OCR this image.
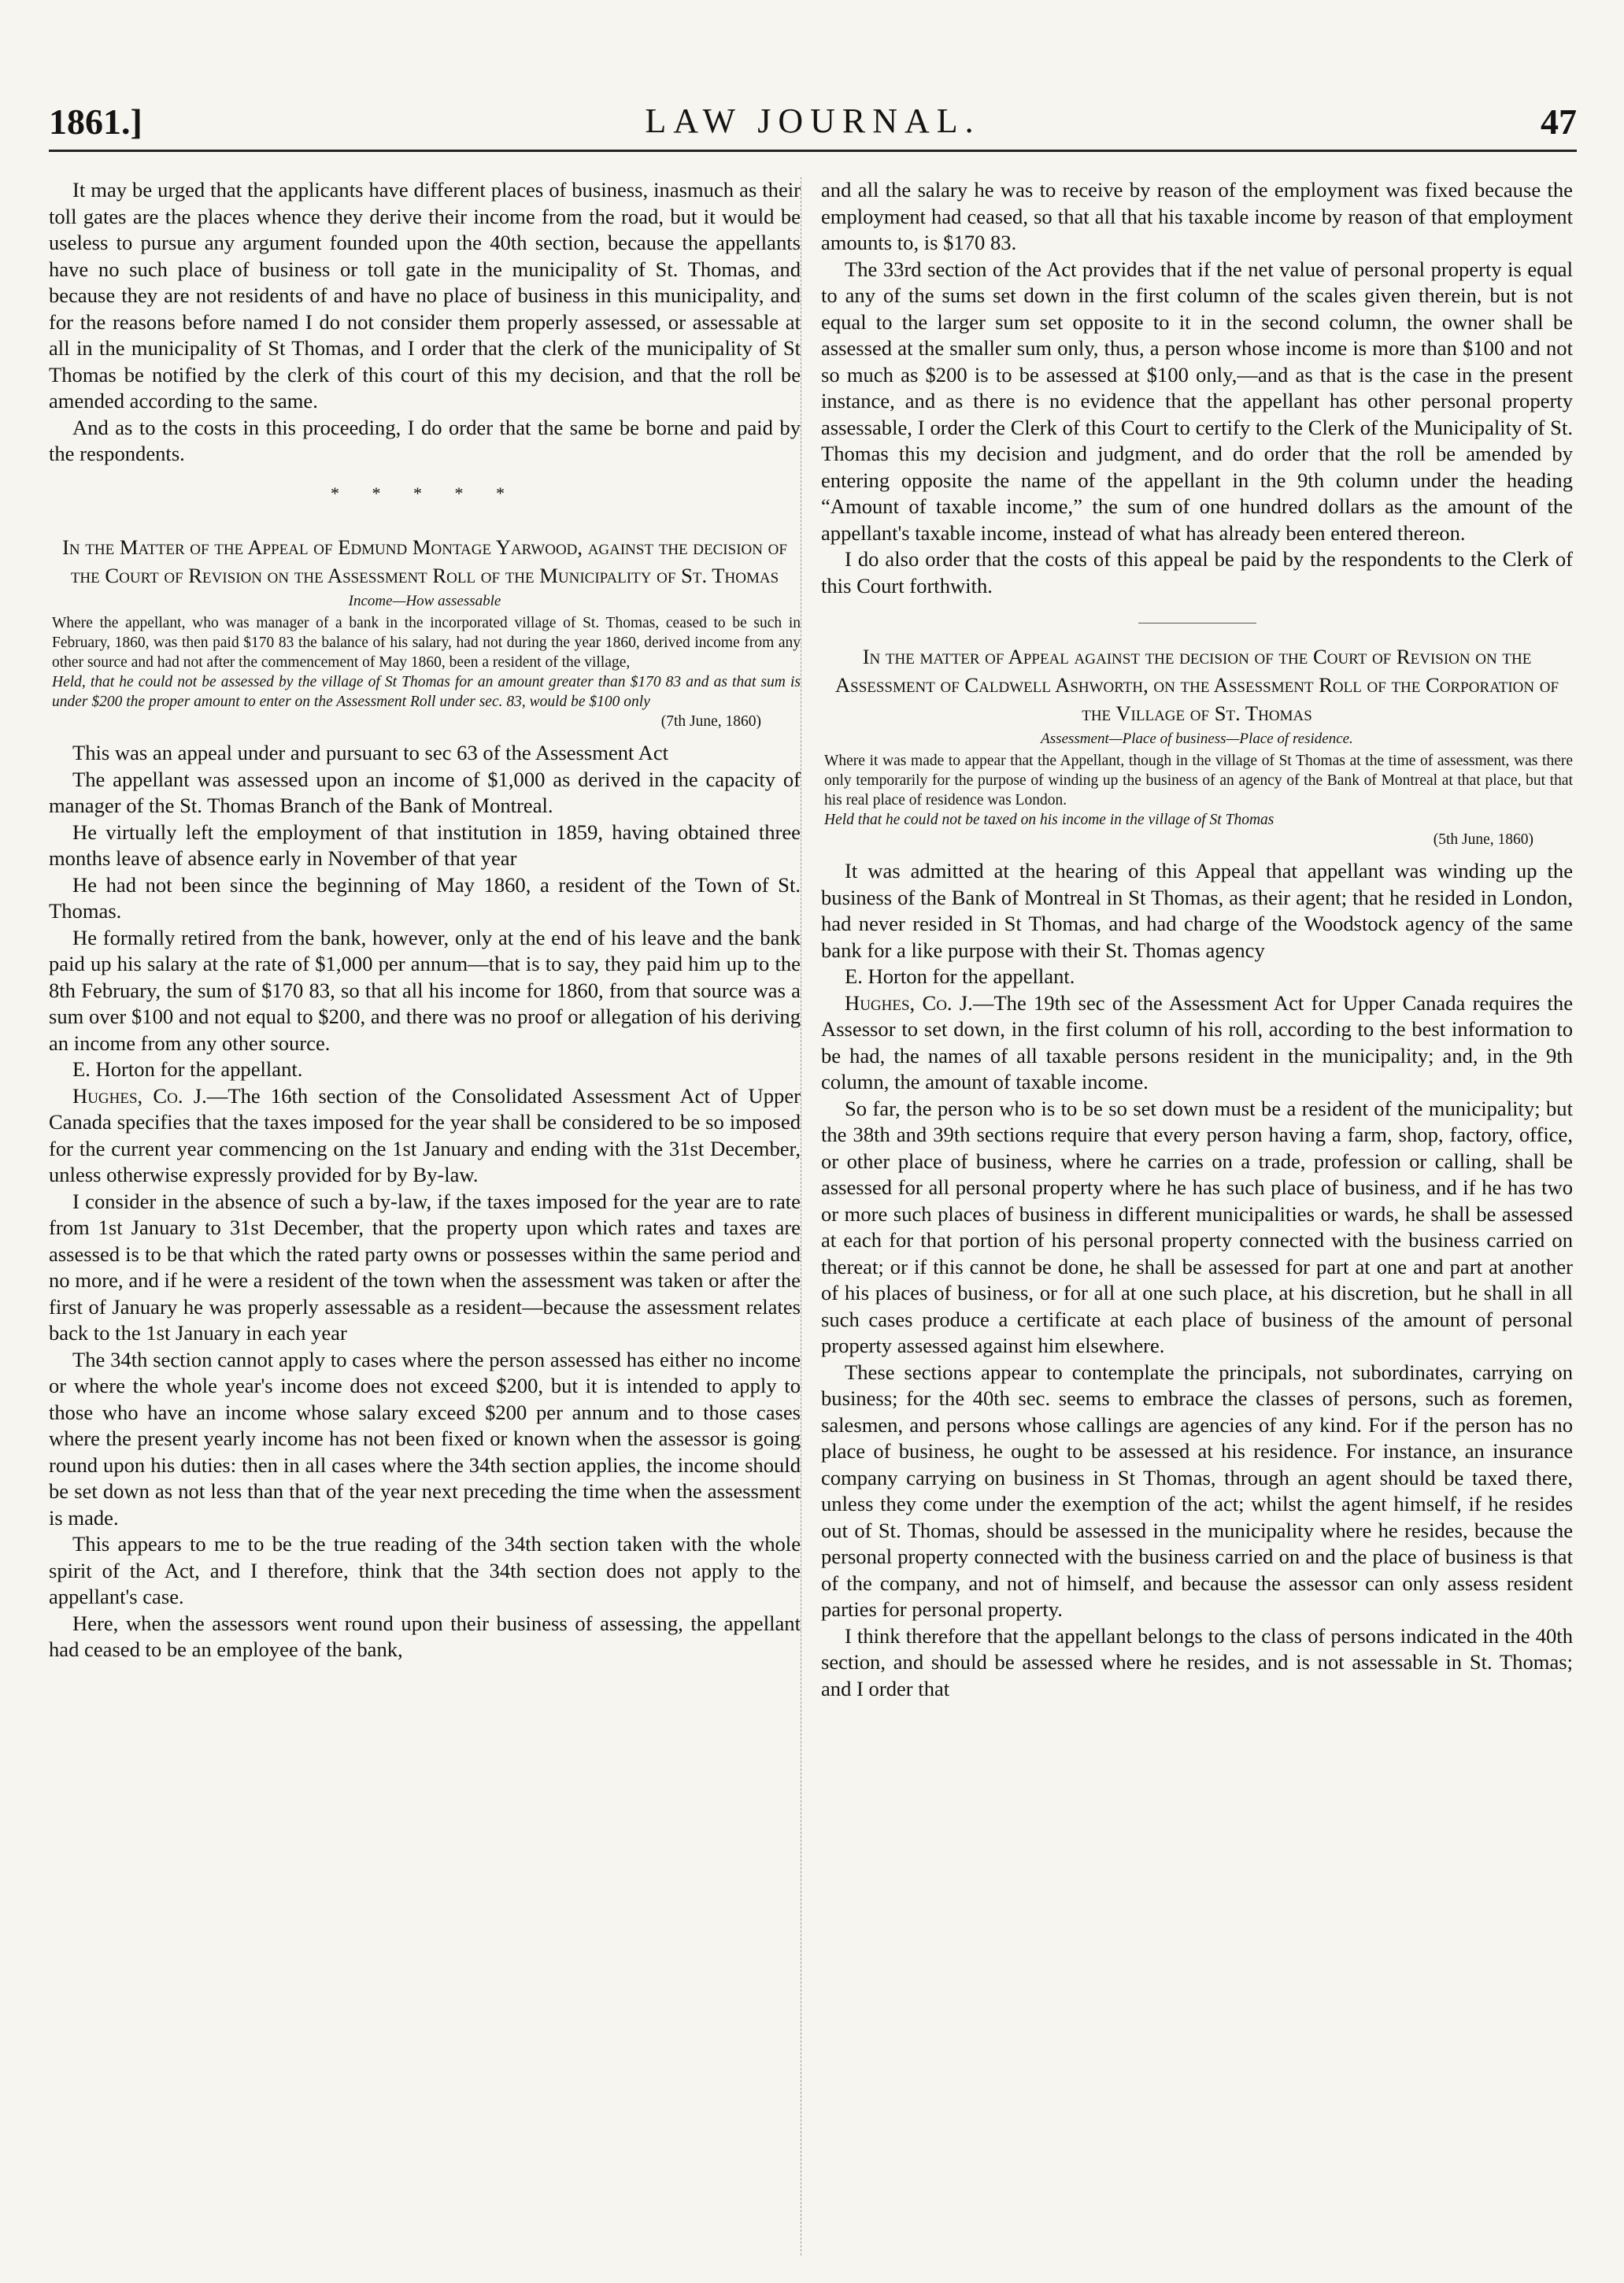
1861.]	LAW JOURNAL.	47

It may be urged that the applicants have different places of business, inasmuch as their toll gates are the places whence they derive their income from the road, but it would be useless to pursue any argument founded upon the 40th section, because the appellants have no such place of business or toll gate in the municipality of St. Thomas, and because they are not residents of and have no place of business in this municipality, and for the reasons before named I do not consider them properly assessed, or assessable at all in the municipality of St Thomas, and I order that the clerk of the municipality of St Thomas be notified by the clerk of this court of this my decision, and that the roll be amended according to the same.

And as to the costs in this proceeding, I do order that the same be borne and paid by the respondents.

* * * * *

In the Matter of the Appeal of Edmund Montage Yarwood, against the decision of the Court of Revision on the Assessment Roll of the Municipality of St. Thomas

Income—How assessable

Where the appellant, who was manager of a bank in the incorporated village of St. Thomas, ceased to be such in February, 1860, was then paid $170 83 the balance of his salary, had not during the year 1860, derived income from any other source and had not after the commencement of May 1860, been a resident of the village,

Held, that he could not be assessed by the village of St Thomas for an amount greater than $170 83 and as that sum is under $200 the proper amount to enter on the Assessment Roll under sec. 83, would be $100 only

(7th June, 1860)

This was an appeal under and pursuant to sec 63 of the Assessment Act

The appellant was assessed upon an income of $1,000 as derived in the capacity of manager of the St. Thomas Branch of the Bank of Montreal.

He virtually left the employment of that institution in 1859, having obtained three months leave of absence early in November of that year

He had not been since the beginning of May 1860, a resident of the Town of St. Thomas.

He formally retired from the bank, however, only at the end of his leave and the bank paid up his salary at the rate of $1,000 per annum—that is to say, they paid him up to the 8th February, the sum of $170 83, so that all his income for 1860, from that source was a sum over $100 and not equal to $200, and there was no proof or allegation of his deriving an income from any other source.

E. Horton for the appellant.

Hughes, Co. J.—The 16th section of the Consolidated Assessment Act of Upper Canada specifies that the taxes imposed for the year shall be considered to be so imposed for the current year commencing on the 1st January and ending with the 31st December, unless otherwise expressly provided for by By-law.

I consider in the absence of such a by-law, if the taxes imposed for the year are to rate from 1st January to 31st December, that the property upon which rates and taxes are assessed is to be that which the rated party owns or possesses within the same period and no more, and if he were a resident of the town when the assessment was taken or after the first of January he was properly assessable as a resident—because the assessment relates back to the 1st January in each year

The 34th section cannot apply to cases where the person assessed has either no income or where the whole year's income does not exceed $200, but it is intended to apply to those who have an income whose salary exceed $200 per annum and to those cases where the present yearly income has not been fixed or known when the assessor is going round upon his duties: then in all cases where the 34th section applies, the income should be set down as not less than that of the year next preceding the time when the assessment is made.

This appears to me to be the true reading of the 34th section taken with the whole spirit of the Act, and I therefore, think that the 34th section does not apply to the appellant's case.

Here, when the assessors went round upon their business of assessing, the appellant had ceased to be an employee of the bank,

and all the salary he was to receive by reason of the employment was fixed because the employment had ceased, so that all that his taxable income by reason of that employment amounts to, is $170 83.

The 33rd section of the Act provides that if the net value of personal property is equal to any of the sums set down in the first column of the scales given therein, but is not equal to the larger sum set opposite to it in the second column, the owner shall be assessed at the smaller sum only, thus, a person whose income is more than $100 and not so much as $200 is to be assessed at $100 only,—and as that is the case in the present instance, and as there is no evidence that the appellant has other personal property assessable, I order the Clerk of this Court to certify to the Clerk of the Municipality of St. Thomas this my decision and judgment, and do order that the roll be amended by entering opposite the name of the appellant in the 9th column under the heading “Amount of taxable income,” the sum of one hundred dollars as the amount of the appellant's taxable income, instead of what has already been entered thereon.

I do also order that the costs of this appeal be paid by the respondents to the Clerk of this Court forthwith.

In the matter of Appeal against the decision of the Court of Revision on the Assessment of Caldwell Ashworth, on the Assessment Roll of the Corporation of the Village of St. Thomas

Assessment—Place of business—Place of residence.

Where it was made to appear that the Appellant, though in the village of St Thomas at the time of assessment, was there only temporarily for the purpose of winding up the business of an agency of the Bank of Montreal at that place, but that his real place of residence was London.

Held that he could not be taxed on his income in the village of St Thomas

(5th June, 1860)

It was admitted at the hearing of this Appeal that appellant was winding up the business of the Bank of Montreal in St Thomas, as their agent; that he resided in London, had never resided in St Thomas, and had charge of the Woodstock agency of the same bank for a like purpose with their St. Thomas agency

E. Horton for the appellant.

Hughes, Co. J.—The 19th sec of the Assessment Act for Upper Canada requires the Assessor to set down, in the first column of his roll, according to the best information to be had, the names of all taxable persons resident in the municipality; and, in the 9th column, the amount of taxable income.

So far, the person who is to be so set down must be a resident of the municipality; but the 38th and 39th sections require that every person having a farm, shop, factory, office, or other place of business, where he carries on a trade, profession or calling, shall be assessed for all personal property where he has such place of business, and if he has two or more such places of business in different municipalities or wards, he shall be assessed at each for that portion of his personal property connected with the business carried on thereat; or if this cannot be done, he shall be assessed for part at one and part at another of his places of business, or for all at one such place, at his discretion, but he shall in all such cases produce a certificate at each place of business of the amount of personal property assessed against him elsewhere.

These sections appear to contemplate the principals, not subordinates, carrying on business; for the 40th sec. seems to embrace the classes of persons, such as foremen, salesmen, and persons whose callings are agencies of any kind. For if the person has no place of business, he ought to be assessed at his residence. For instance, an insurance company carrying on business in St Thomas, through an agent should be taxed there, unless they come under the exemption of the act; whilst the agent himself, if he resides out of St. Thomas, should be assessed in the municipality where he resides, because the personal property connected with the business carried on and the place of business is that of the company, and not of himself, and because the assessor can only assess resident parties for personal property.

I think therefore that the appellant belongs to the class of persons indicated in the 40th section, and should be assessed where he resides, and is not assessable in St. Thomas; and I order that
